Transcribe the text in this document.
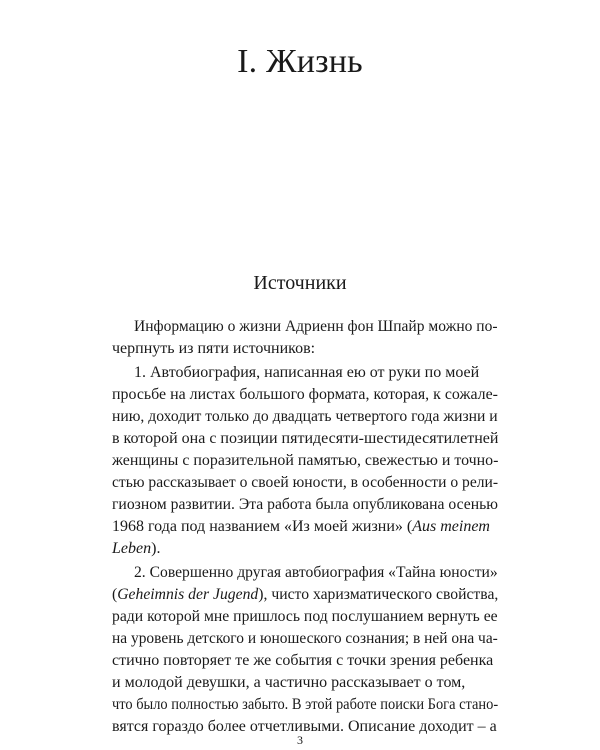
I. Жизнь
Источники
Информацию о жизни Адриенн фон Шпайр можно по-
черпнуть из пяти источников:
1. Автобиография, написанная ею от руки по моей
просьбе на листах большого формата, которая, к сожале-
нию, доходит только до двадцать четвертого года жизни и
в которой она с позиции пятидесяти-шестидесятилетней
женщины с поразительной памятью, свежестью и точно-
стью рассказывает о своей юности, в особенности о рели-
гиозном развитии. Эта работа была опубликована осенью
1968 года под названием «Из моей жизни» (Aus meinem
Leben).
2. Совершенно другая автобиография «Тайна юности»
(Geheimnis der Jugend), чисто харизматического свойства,
ради которой мне пришлось под послушанием вернуть ее
на уровень детского и юношеского сознания; в ней она ча-
стично повторяет те же события с точки зрения ребенка
и молодой девушки, а частично рассказывает о том,
что было полностью забыто. В этой работе поиски Бога стано-
вятся гораздо более отчетливыми. Описание доходит – а
3
